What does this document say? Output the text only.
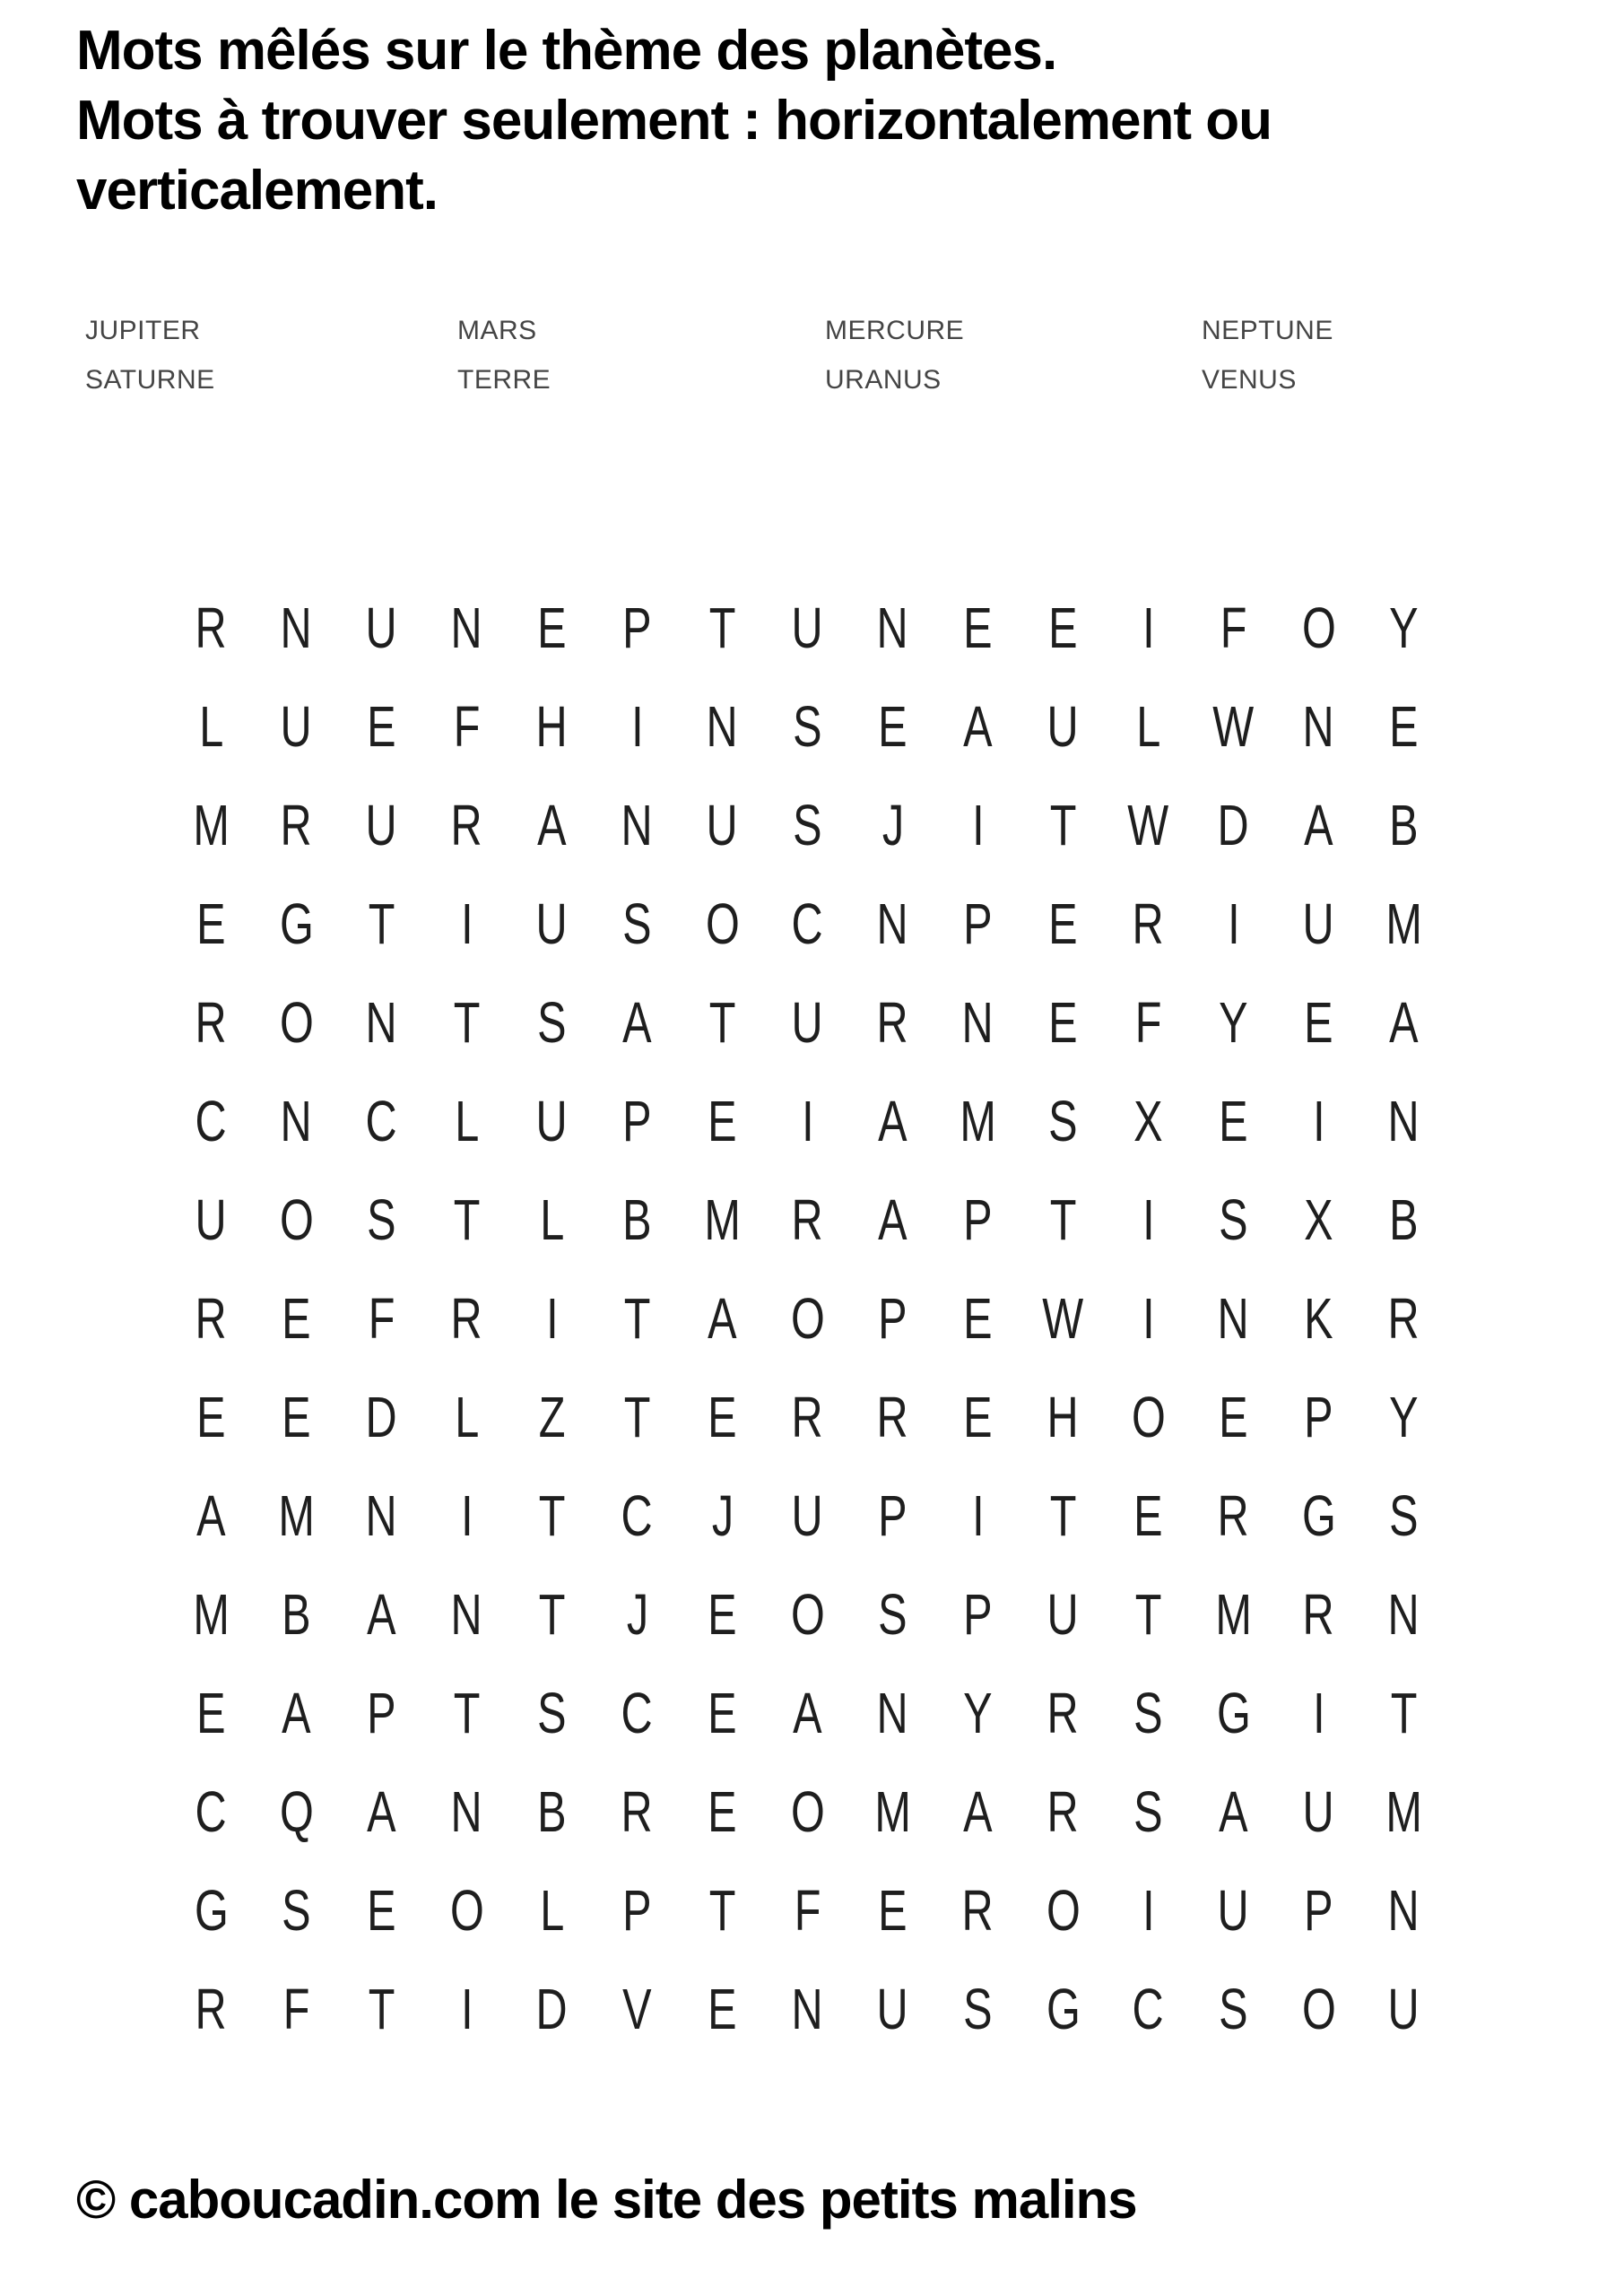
Mots mêlés sur le thème des planètes.
Mots à trouver seulement : horizontalement ou
verticalement.
JUPITER	MARS	MERCURE	NEPTUNE
SATURNE	TERRE	URANUS	VENUS
R N U N E P T U N E E I F O Y
L U E F H I N S E A U L W N E
M R U R A N U S J I T W D A B
E G T I U S O C N P E R I U M
R O N T S A T U R N E F Y E A
C N C L U P E I A M S X E I N
U O S T L B M R A P T I S X B
R E F R I T A O P E W I N K R
E E D L Z T E R R E H O E P Y
A M N I T C J U P I T E R G S
M B A N T J E O S P U T M R N
E A P T S C E A N Y R S G I T
C Q A N B R E O M A R S A U M
G S E O L P T F E R O I U P N
R F T I D V E N U S G C S O U
© caboucadin.com le site des petits malins
